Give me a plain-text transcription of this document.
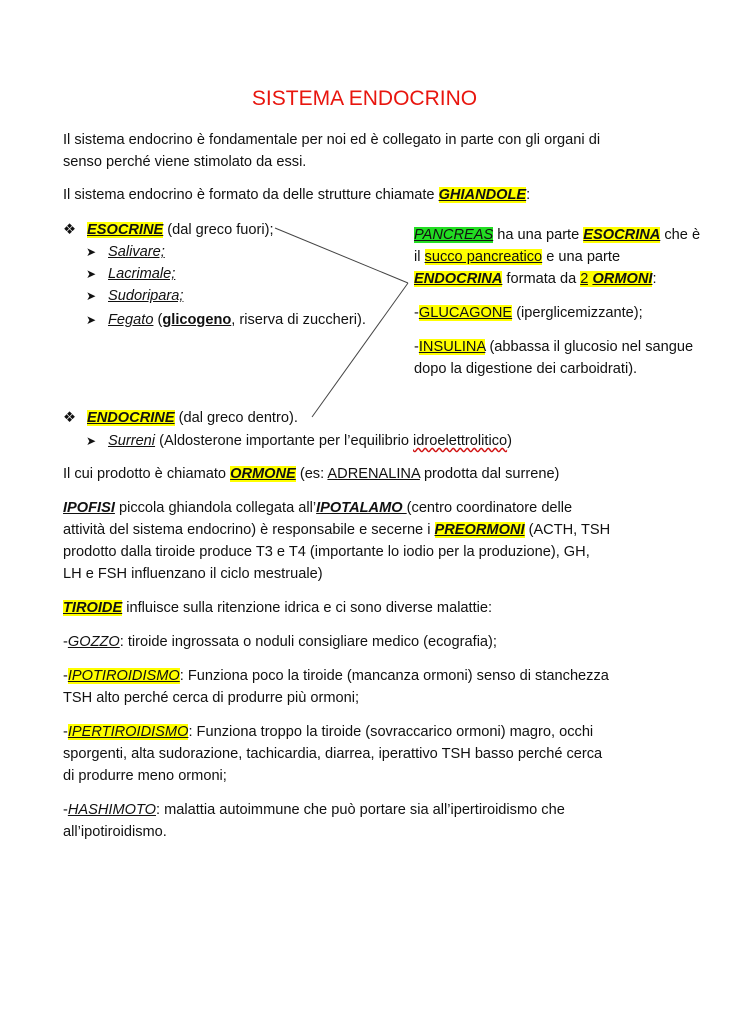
SISTEMA ENDOCRINO
Il sistema endocrino è fondamentale per noi ed è collegato in parte con gli organi di
senso perché viene stimolato da essi.
Il sistema endocrino è formato da delle strutture chiamate GHIANDOLE:
❖ ESOCRINE (dal greco fuori);
➤ Salivare;
➤ Lacrimale;
➤ Sudoripara;
➤ Fegato (glicogeno, riserva di zuccheri).
PANCREAS ha una parte ESOCRINA che è
il succo pancreatico e una parte
ENDOCRINA formata da 2 ORMONI:
-GLUCAGONE (iperglicemizzante);
-INSULINA (abbassa il glucosio nel sangue
dopo la digestione dei carboidrati).
❖ ENDOCRINE (dal greco dentro).
➤ Surreni (Aldosterone importante per l’equilibrio idroelettrolitico)
Il cui prodotto è chiamato ORMONE (es: ADRENALINA prodotta dal surrene)
IPOFISI piccola ghiandola collegata all’IPOTALAMO (centro coordinatore delle
attività del sistema endocrino) è responsabile e secerne i PREORMONI (ACTH, TSH
prodotto dalla tiroide produce T3 e T4 (importante lo iodio per la produzione), GH,
LH e FSH influenzano il ciclo mestruale)
TIROIDE influisce sulla ritenzione idrica e ci sono diverse malattie:
-GOZZO: tiroide ingrossata o noduli consigliare medico (ecografia);
-IPOTIROIDISMO: Funziona poco la tiroide (mancanza ormoni) senso di stanchezza
TSH alto perché cerca di produrre più ormoni;
-IPERTIROIDISMO: Funziona troppo la tiroide (sovraccarico ormoni) magro, occhi
sporgenti, alta sudorazione, tachicardia, diarrea, iperattivo TSH basso perché cerca
di produrre meno ormoni;
-HASHIMOTO: malattia autoimmune che può portare sia all’ipertiroidismo che
all’ipotiroidismo.
